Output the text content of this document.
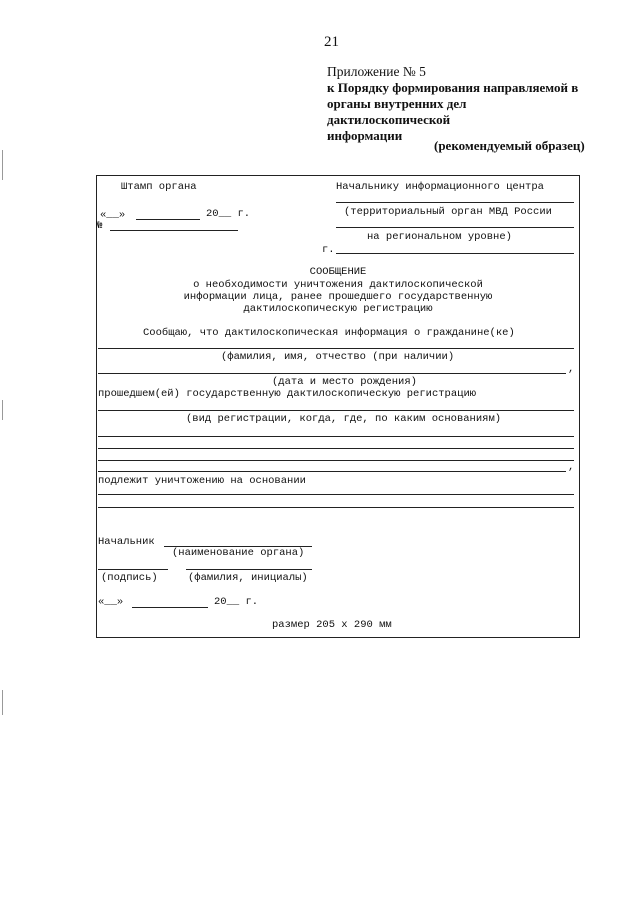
21
Приложение № 5
к Порядку формирования направляемой в
органы внутренних дел дактилоскопической
информации
(рекомендуемый образец)
Штамп органа	Начальнику информационного центра
(территориальный орган МВД России
«__»	20__ г.
№
на региональном уровне)
г.
СООБЩЕНИЕ
о необходимости уничтожения дактилоскопической
информации лица, ранее прошедшего государственную
дактилоскопическую регистрацию
Сообщаю, что дактилоскопическая информация о гражданине(ке)
(фамилия, имя, отчество (при наличии)
,
(дата и место рождения)
прошедшем(ей) государственную дактилоскопическую регистрацию
(вид регистрации, когда, где, по каким основаниям)
,
подлежит уничтожению на основании
Начальник
(наименование органа)
(подпись)	(фамилия, инициалы)
«__»	20__ г.
размер 205 х 290 мм
